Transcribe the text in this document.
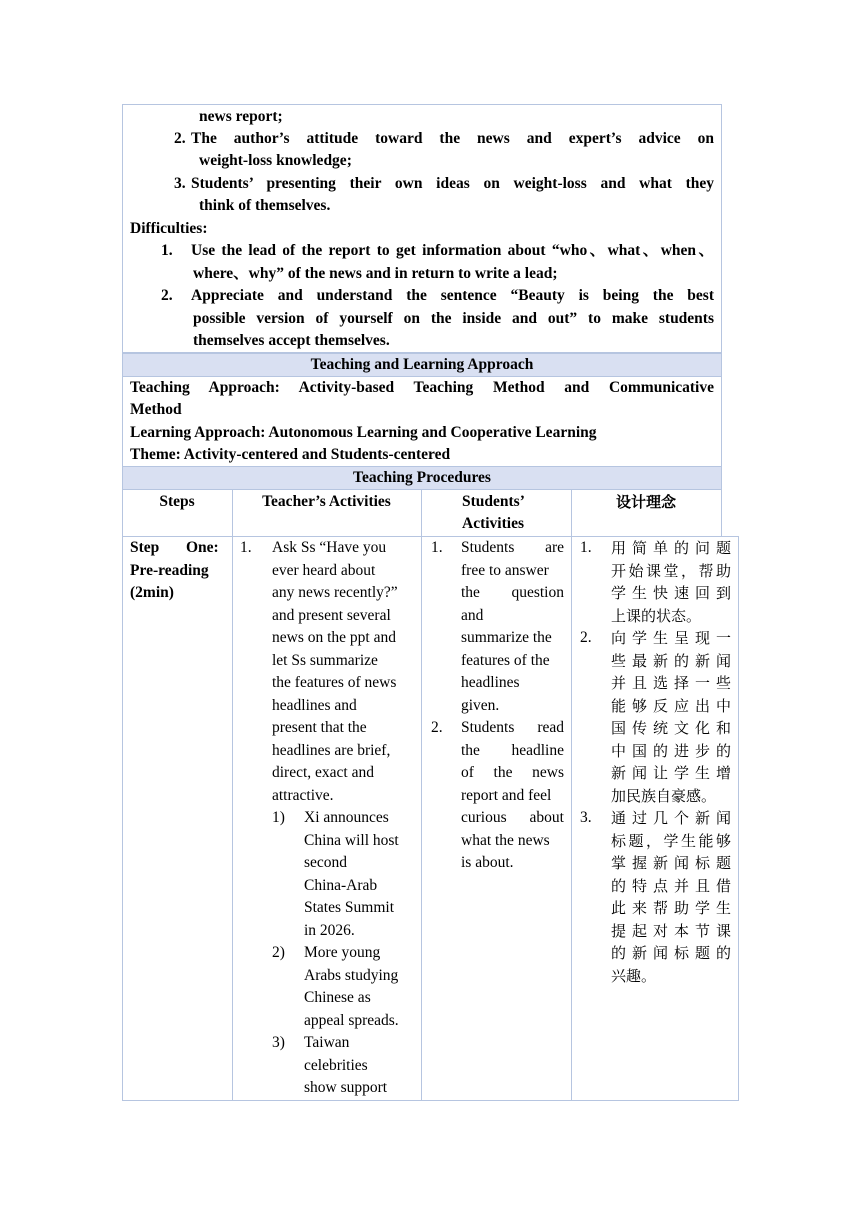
news report;
2. The author’s attitude toward the news and expert’s advice on
weight-loss knowledge;
3. Students’ presenting their own ideas on weight-loss and what they
think of themselves.
Difficulties:
1. Use the lead of the report to get information about “who、what、when、
where、why” of the news and in return to write a lead;
2. Appreciate and understand the sentence “Beauty is being the best
possible version of yourself on the inside and out” to make students
themselves accept themselves.
Teaching and Learning Approach
Teaching Approach: Activity-based Teaching Method and Communicative
Method
Learning Approach: Autonomous Learning and Cooperative Learning
Theme: Activity-centered and Students-centered
Teaching Procedures
Steps	Teacher’s Activities	Students’
Activities
设计理念
Step One:
Pre-reading
(2min)
1. Ask Ss “Have you
ever heard about
any news recently?”
and present several
news on the ppt and
let Ss summarize
the features of news
headlines and
present that the
headlines are brief,
direct, exact and
attractive.
1) Xi announces
China will host
second
China-Arab
States Summit
in 2026.
2) More young
Arabs studying
Chinese as
appeal spreads.
3) Taiwan
celebrities
show support
1. Students are
free to answer
the question
and
summarize the
features of the
headlines
given.
2. Students read
the headline
of the news
report and feel
curious about
what the news
is about.
1. 用简单的问题
开始课堂，帮助
学生快速回到
上课的状态。
2. 向学生呈现一
些最新的新闻
并且选择一些
能够反应出中
国传统文化和
中国的进步的
新闻让学生增
加民族自豪感。
3. 通过几个新闻
标题，学生能够
掌握新闻标题
的特点并且借
此来帮助学生
提起对本节课
的新闻标题的
兴趣。
